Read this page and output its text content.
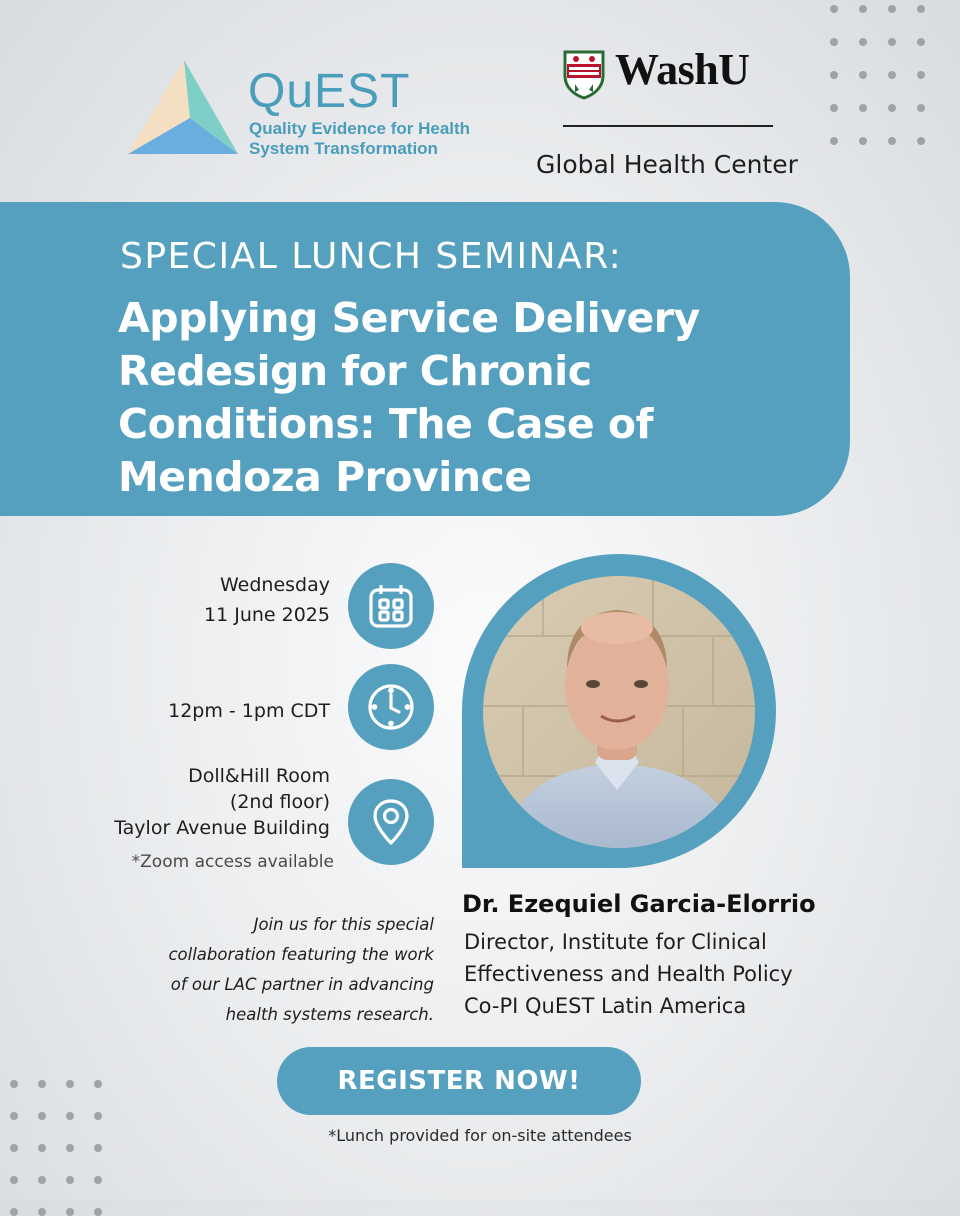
QuEST
Quality Evidence for Health
System Transformation
WashU
Global Health Center
SPECIAL LUNCH SEMINAR:
Applying Service Delivery Redesign for Chronic Conditions: The Case of Mendoza Province
Wednesday
11 June 2025
12pm - 1pm CDT
Doll&Hill Room
(2nd floor)
Taylor Avenue Building
*Zoom access available
Dr. Ezequiel Garcia-Elorrio
Director, Institute for Clinical
Effectiveness and Health Policy
Co-PI QuEST Latin America
Join us for this special
collaboration featuring the work
of our LAC partner in advancing
health systems research.
REGISTER NOW!
*Lunch provided for on-site attendees
